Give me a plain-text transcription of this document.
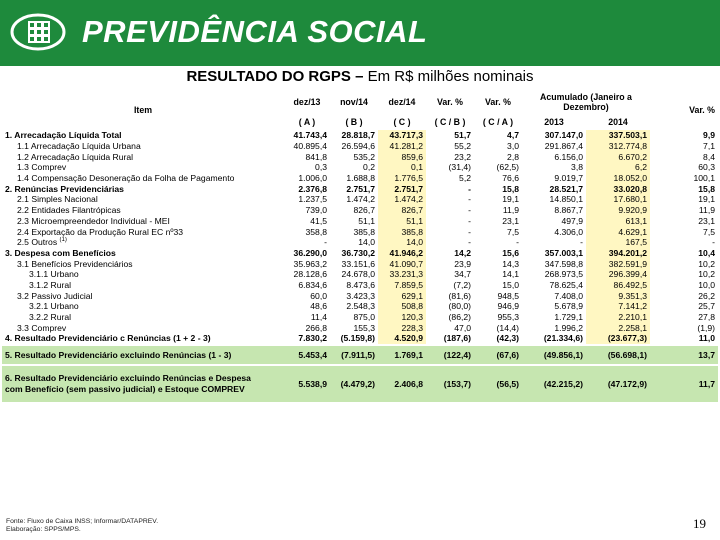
PREVIDÊNCIA SOCIAL
RESULTADO DO RGPS – Em R$ milhões nominais
Item	dez/13	nov/14	dez/14	Var. %	Var. %	Acumulado (Janeiro a Dezembro)		Var. %
	( A )	( B )	( C )	( C / B )	( C / A )	2013	2014	
1. Arrecadação Líquida Total	41.743,4	28.818,7	43.717,3	51,7	4,7	307.147,0	337.503,1	9,9
1.1 Arrecadação Líquida Urbana	40.895,4	26.594,6	41.281,2	55,2	3,0	291.867,4	312.774,8	7,1
1.2 Arrecadação Líquida Rural	841,8	535,2	859,6	23,2	2,8	6.156,0	6.670,2	8,4
1.3 Comprev	0,3	0,2	0,1	(31,4)	(62,5)	3,8	6,2	60,3
1.4 Compensação Desoneração da Folha de Pagamento	1.006,0	1.688,8	1.776,5	5,2	76,6	9.019,7	18.052,0	100,1
2. Renúncias Previdenciárias	2.376,8	2.751,7	2.751,7	-	15,8	28.521,7	33.020,8	15,8
2.1 Simples Nacional	1.237,5	1.474,2	1.474,2	-	19,1	14.850,1	17.680,1	19,1
2.2 Entidades Filantrópicas	739,0	826,7	826,7	-	11,9	8.867,7	9.920,9	11,9
2.3 Microempreendedor Individual - MEI	41,5	51,1	51,1	-	23,1	497,9	613,1	23,1
2.4 Exportação da Produção Rural EC nº33	358,8	385,8	385,8	-	7,5	4.306,0	4.629,1	7,5
2.5 Outros $^{(1)}$	-	14,0	14,0	-	-	-	167,5	-
3. Despesa com Benefícios	36.290,0	36.730,2	41.946,2	14,2	15,6	357.003,1	394.201,2	10,4
3.1 Benefícios Previdenciários	35.963,2	33.151,6	41.090,7	23,9	14,3	347.598,8	382.591,9	10,2
3.1.1 Urbano	28.128,6	24.678,0	33.231,3	34,7	14,1	268.973,5	296.399,4	10,2
3.1.2 Rural	6.834,6	8.473,6	7.859,5	(7,2)	15,0	78.625,4	86.492,5	10,0
3.2 Passivo Judicial	60,0	3.423,3	629,1	(81,6)	948,5	7.408,0	9.351,3	26,2
3.2.1 Urbano	48,6	2.548,3	508,8	(80,0)	946,9	5.678,9	7.141,2	25,7
3.2.2 Rural	11,4	875,0	120,3	(86,2)	955,3	1.729,1	2.210,1	27,8
3.3 Comprev	266,8	155,3	228,3	47,0	(14,4)	1.996,2	2.258,1	(1,9)
4. Resultado Previdenciário c Renúncias (1 + 2 - 3)	7.830,2	(5.159,8)	4.520,9	(187,6)	(42,3)	(21.334,6)	(23.677,3)	11,0
5. Resultado Previdenciário excluindo Renúncias (1 - 3)	5.453,4	(7.911,5)	1.769,1	(122,4)	(67,6)	(49.856,1)	(56.698,1)	13,7

6. Resultado Previdenciário excluindo Renúncias e Despesa
com Benefício (sem passivo judicial) e Estoque COMPREV	5.538,9	(4.479,2)	2.406,8	(153,7)	(56,5)	(42.215,2)	(47.172,9)	11,7
Fonte: Fluxo de Caixa INSS; Informar/DATAPREV.
Elaboração: SPPS/MPS.	19
